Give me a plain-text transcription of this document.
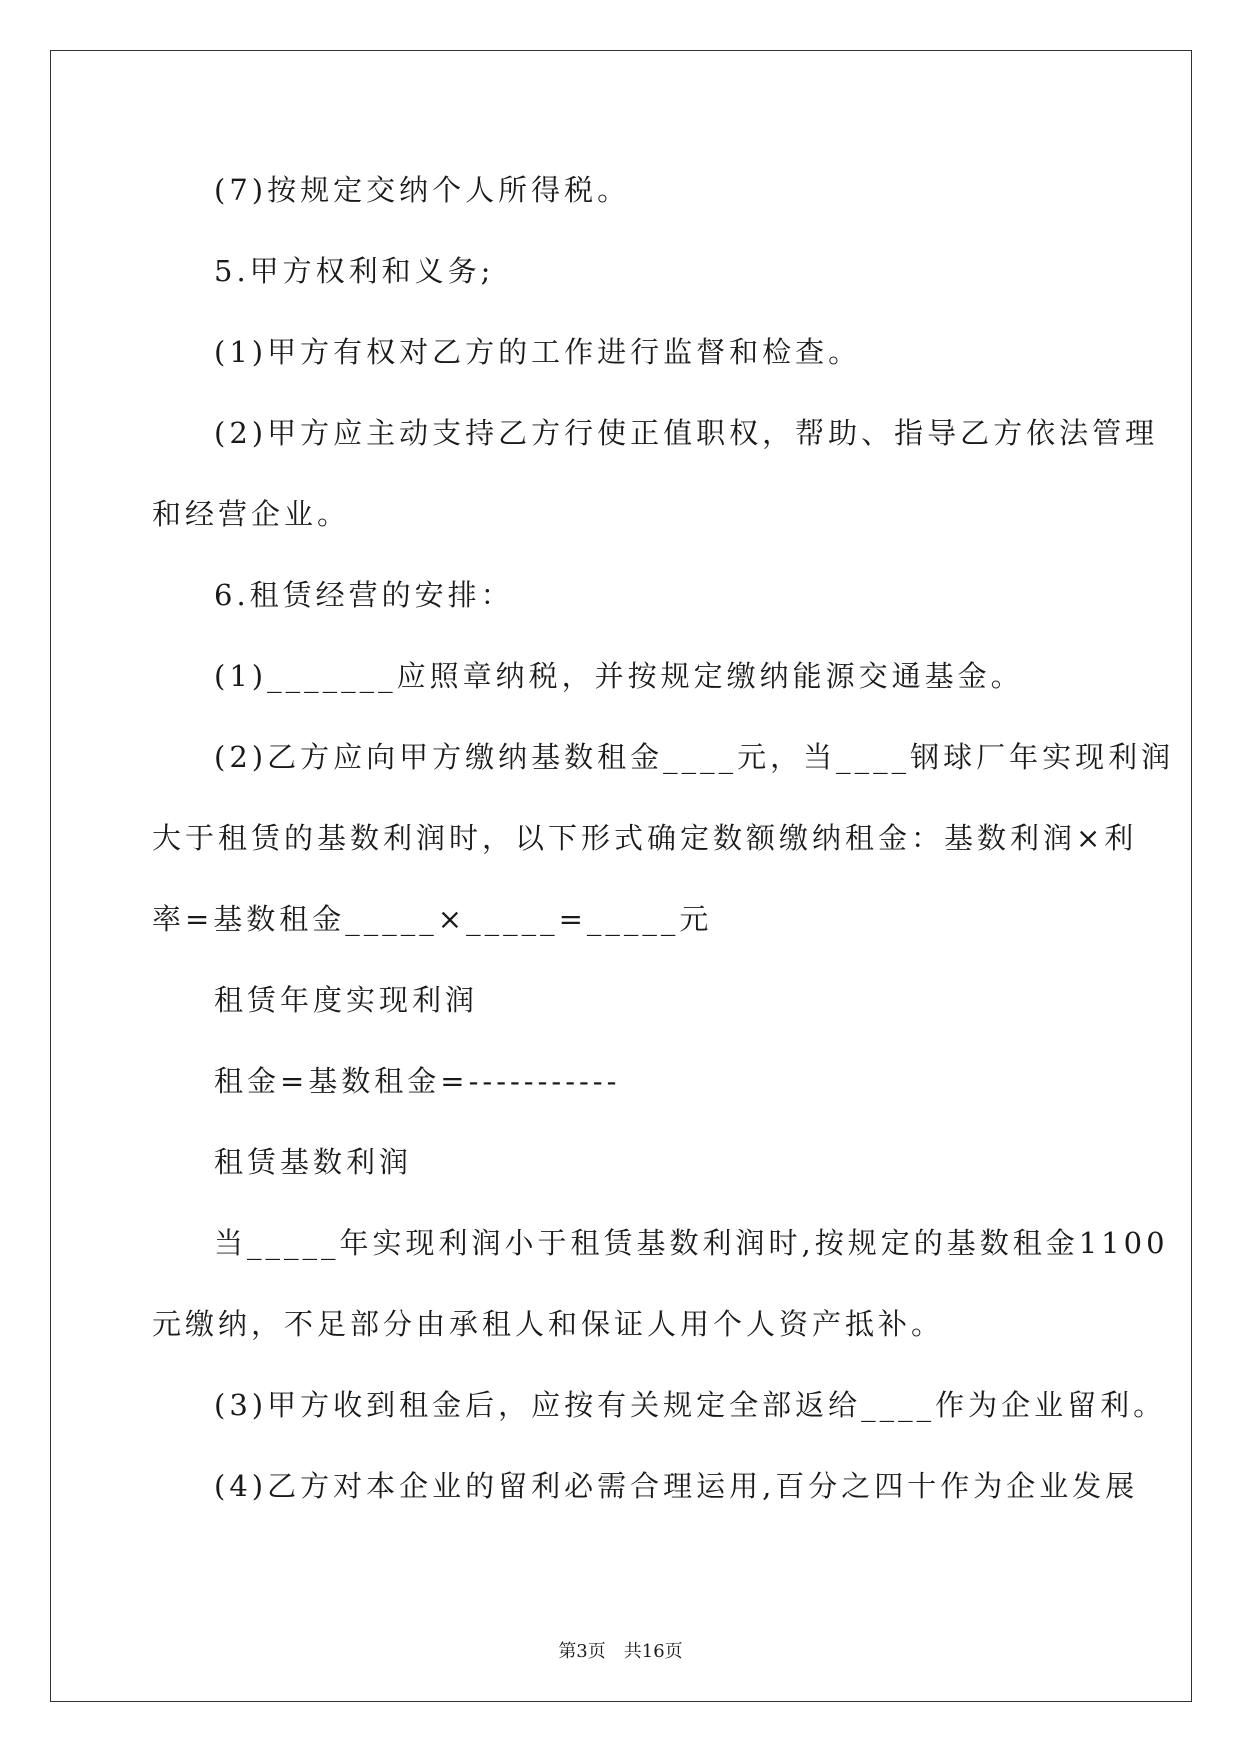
(7)按规定交纳个人所得税。
5.甲方权利和义务;
(1)甲方有权对乙方的工作进行监督和检查。
(2)甲方应主动支持乙方行使正值职权，帮助、指导乙方依法管理
和经营企业。
6.租赁经营的安排：
(1)_______应照章纳税，并按规定缴纳能源交通基金。
(2)乙方应向甲方缴纳基数租金____元，当____钢球厂年实现利润
大于租赁的基数利润时，以下形式确定数额缴纳租金：基数利润×利
率=基数租金_____×_____=_____元
租赁年度实现利润
租金=基数租金=-----------
租赁基数利润
当_____年实现利润小于租赁基数利润时,按规定的基数租金1100
元缴纳，不足部分由承租人和保证人用个人资产抵补。
(3)甲方收到租金后，应按有关规定全部返给____作为企业留利。
(4)乙方对本企业的留利必需合理运用,百分之四十作为企业发展
第3页　共16页
